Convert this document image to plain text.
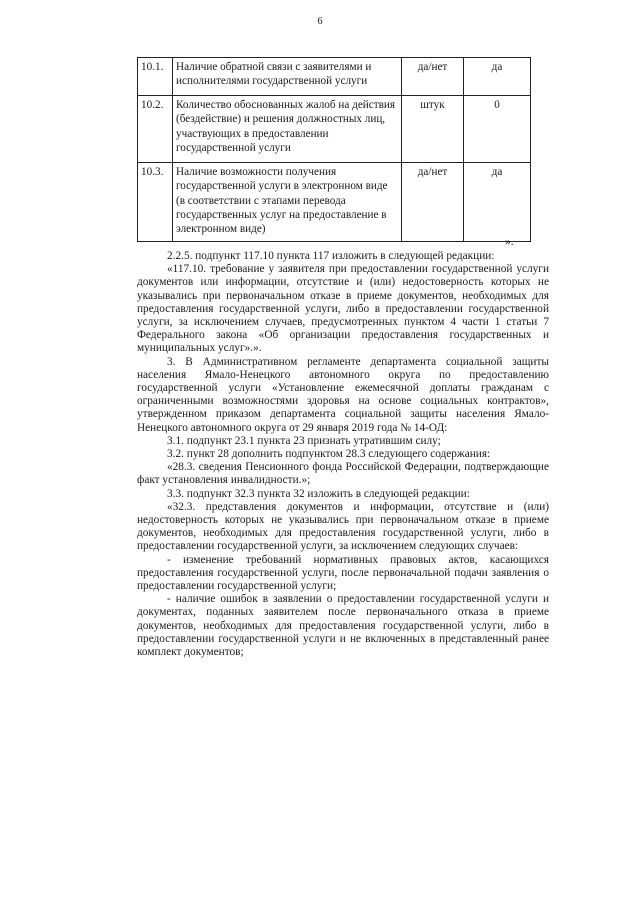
6
10.1.	Наличие обратной связи с заявителями и исполнителями государственной услуги	да/нет	да
10.2.	Количество обоснованных жалоб на действия (бездействие) и решения должностных лиц, участвующих в предоставлении государственной услуги	штук	0
10.3.	Наличие возможности получения государственной услуги в электронном виде (в соответствии с этапами перевода государственных услуг на предоставление в электронном виде)	да/нет	да
».

2.2.5. подпункт 117.10 пункта 117 изложить в следующей редакции:

«117.10. требование у заявителя при предоставлении государственной услуги документов или информации, отсутствие и (или) недостоверность которых не указывались при первоначальном отказе в приеме документов, необходимых для предоставления государственной услуги, либо в предоставлении государственной услуги, за исключением случаев, предусмотренных пунктом 4 части 1 статьи 7 Федерального закона «Об организации предоставления государственных и муниципальных услуг».».

3. В Административном регламенте департамента социальной защиты населения Ямало-Ненецкого автономного округа по предоставлению государственной услуги «Установление ежемесячной доплаты гражданам с ограниченными возможностями здоровья на основе социальных контрактов», утвержденном приказом департамента социальной защиты населения Ямало-Ненецкого автономного округа от 29 января 2019 года № 14-ОД:

3.1. подпункт 23.1 пункта 23 признать утратившим силу;

3.2. пункт 28 дополнить подпунктом 28.3 следующего содержания:

«28.3. сведения Пенсионного фонда Российской Федерации, подтверждающие факт установления инвалидности.»;

3.3. подпункт 32.3 пункта 32 изложить в следующей редакции:

«32.3. представления документов и информации, отсутствие и (или) недостоверность которых не указывались при первоначальном отказе в приеме документов, необходимых для предоставления государственной услуги, либо в предоставлении государственной услуги, за исключением следующих случаев:

- изменение требований нормативных правовых актов, касающихся предоставления государственной услуги, после первоначальной подачи заявления о предоставлении государственной услуги;

- наличие ошибок в заявлении о предоставлении государственной услуги и документах, поданных заявителем после первоначального отказа в приеме документов, необходимых для предоставления государственной услуги, либо в предоставлении государственной услуги и не включенных в представленный ранее комплект документов;
